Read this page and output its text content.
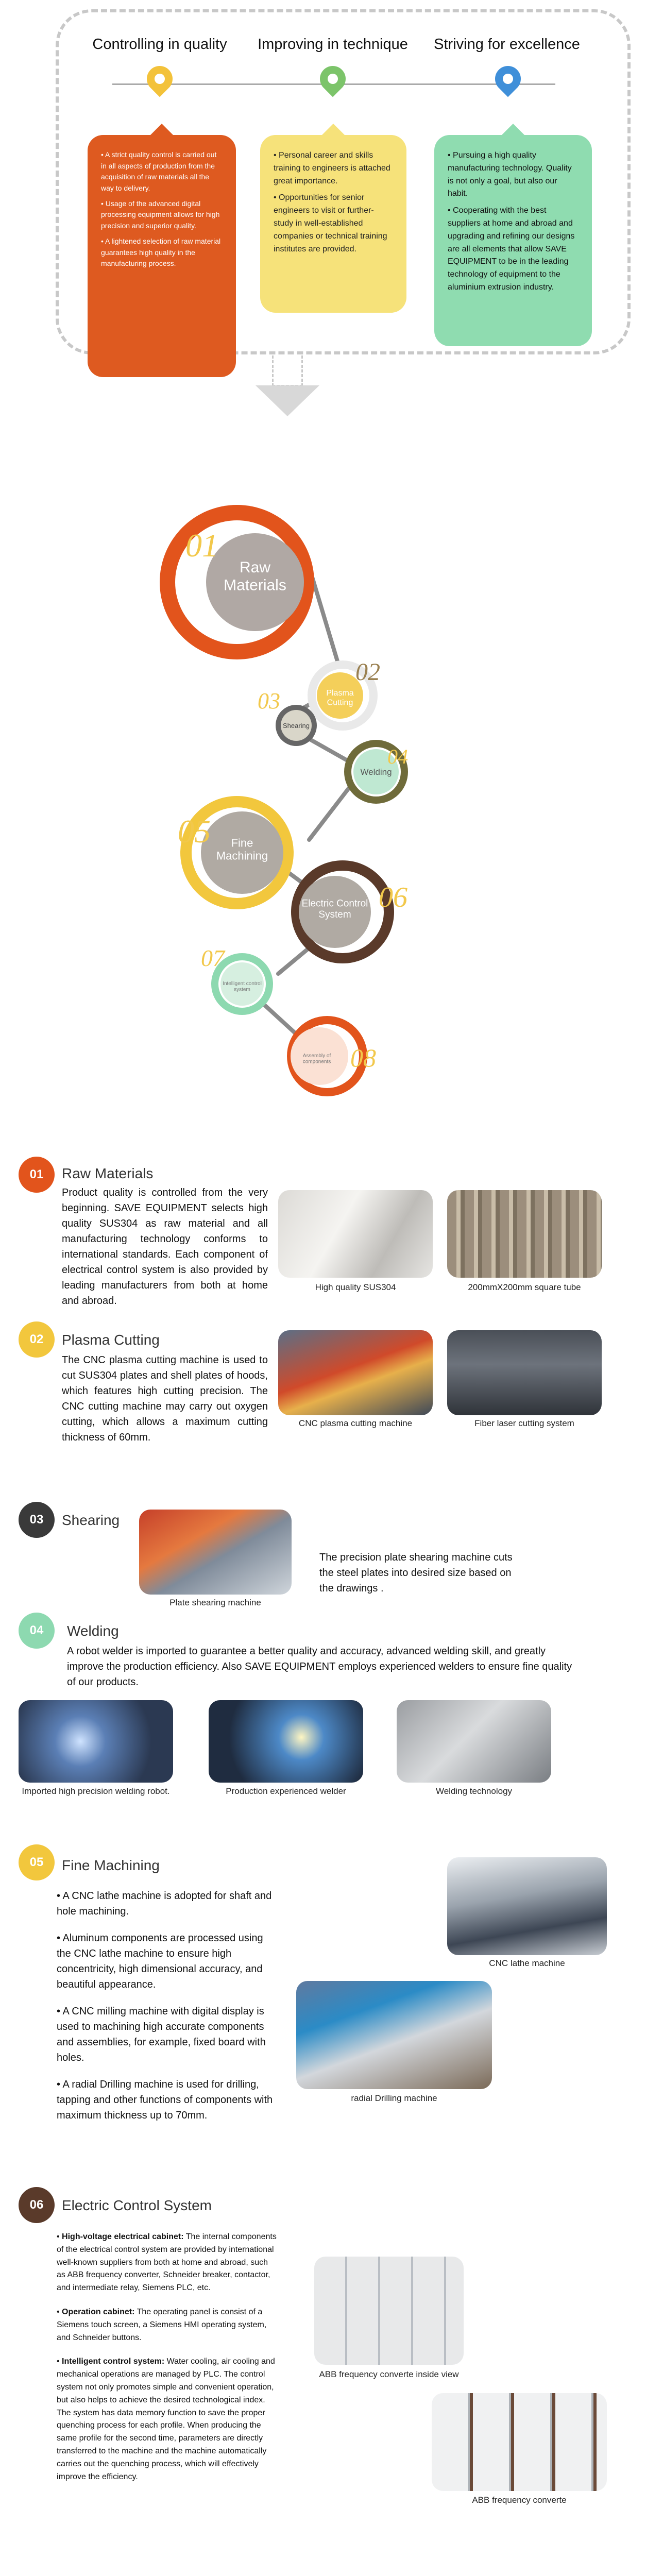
Controlling in quality	Improving in technique Striving for excellence

• A strict quality control is carried out in all aspects of production from the acquisition of raw materials all the way to delivery.

• Usage of the advanced digital processing equipment allows for high precision and superior quality.

• A lightened selection of raw material guarantees high quality in the manufacturing process.

• Personal career and skills training to engineers is attached great importance.

• Opportunities for senior engineers to visit or further-study in well-established companies or technical training institutes are provided.

• Pursuing a high quality manufacturing technology. Quality is not only a goal, but also our habit.

• Cooperating with the best suppliers at home and abroad and upgrading and refining our designs are all elements that allow SAVE EQUIPMENT to be in the leading technology of equipment to the aluminium extrusion industry.

Raw Materials
01
Plasma Cutting
02
Shearing
03
Welding
04
Fine Machining
05
Electric Control System
06
Intelligent control system
07
Assembly of components 08
01	Raw Materials
Product quality is controlled from the very beginning. SAVE EQUIPMENT selects high quality SUS304 as raw material and all manufacturing technology conforms to international standards. Each component of electrical control system is also provided by leading manufacturers from both at home and abroad.
High quality SUS304	200mmX200mm square tube
02	Plasma Cutting
The CNC plasma cutting machine is used to cut SUS304 plates and shell plates of hoods, which features high cutting precision. The CNC cutting machine may carry out oxygen cutting, which allows a maximum cutting thickness of 60mm.
CNC plasma cutting machine	Fiber laser cutting system
03	Shearing
Plate shearing machine
The precision plate shearing machine cuts the steel plates into desired size based on the drawings .
04	Welding
A robot welder is imported to guarantee a better quality and accuracy, advanced welding skill, and greatly improve the production efficiency. Also SAVE EQUIPMENT employs experienced welders to ensure fine quality of our products.
Imported high precision welding robot.	Production experienced welder	Welding technology
05	Fine Machining

• A CNC lathe machine is adopted for shaft and hole machining.

• Aluminum components are processed using the CNC lathe machine to ensure high concentricity, high dimensional accuracy, and beautiful appearance.

• A CNC milling machine with digital display is used to machining high accurate components and assemblies, for example, fixed board with holes.

• A radial Drilling machine is used for drilling, tapping and other functions of components with maximum thickness up to 70mm.

CNC lathe machine
radial Drilling machine
06	Electric Control System

• High-voltage electrical cabinet: The internal components of the electrical control system are provided by international well-known suppliers from both at home and abroad, such as ABB frequency converter, Schneider breaker, contactor, and intermediate relay, Siemens PLC, etc.

• Operation cabinet: The operating panel is consist of a Siemens touch screen, a Siemens HMI operating system, and Schneider buttons.

• Intelligent control system: Water cooling, air cooling and mechanical operations are managed by PLC. The control system not only promotes simple and convenient operation, but also helps to achieve the desired technological index. The system has data memory function to save the proper quenching process for each profile. When producing the same profile for the second time, parameters are directly transferred to the machine and the machine automatically carries out the quenching process, which will effectively improve the efficiency.

ABB frequency converte inside view
ABB frequency converte
